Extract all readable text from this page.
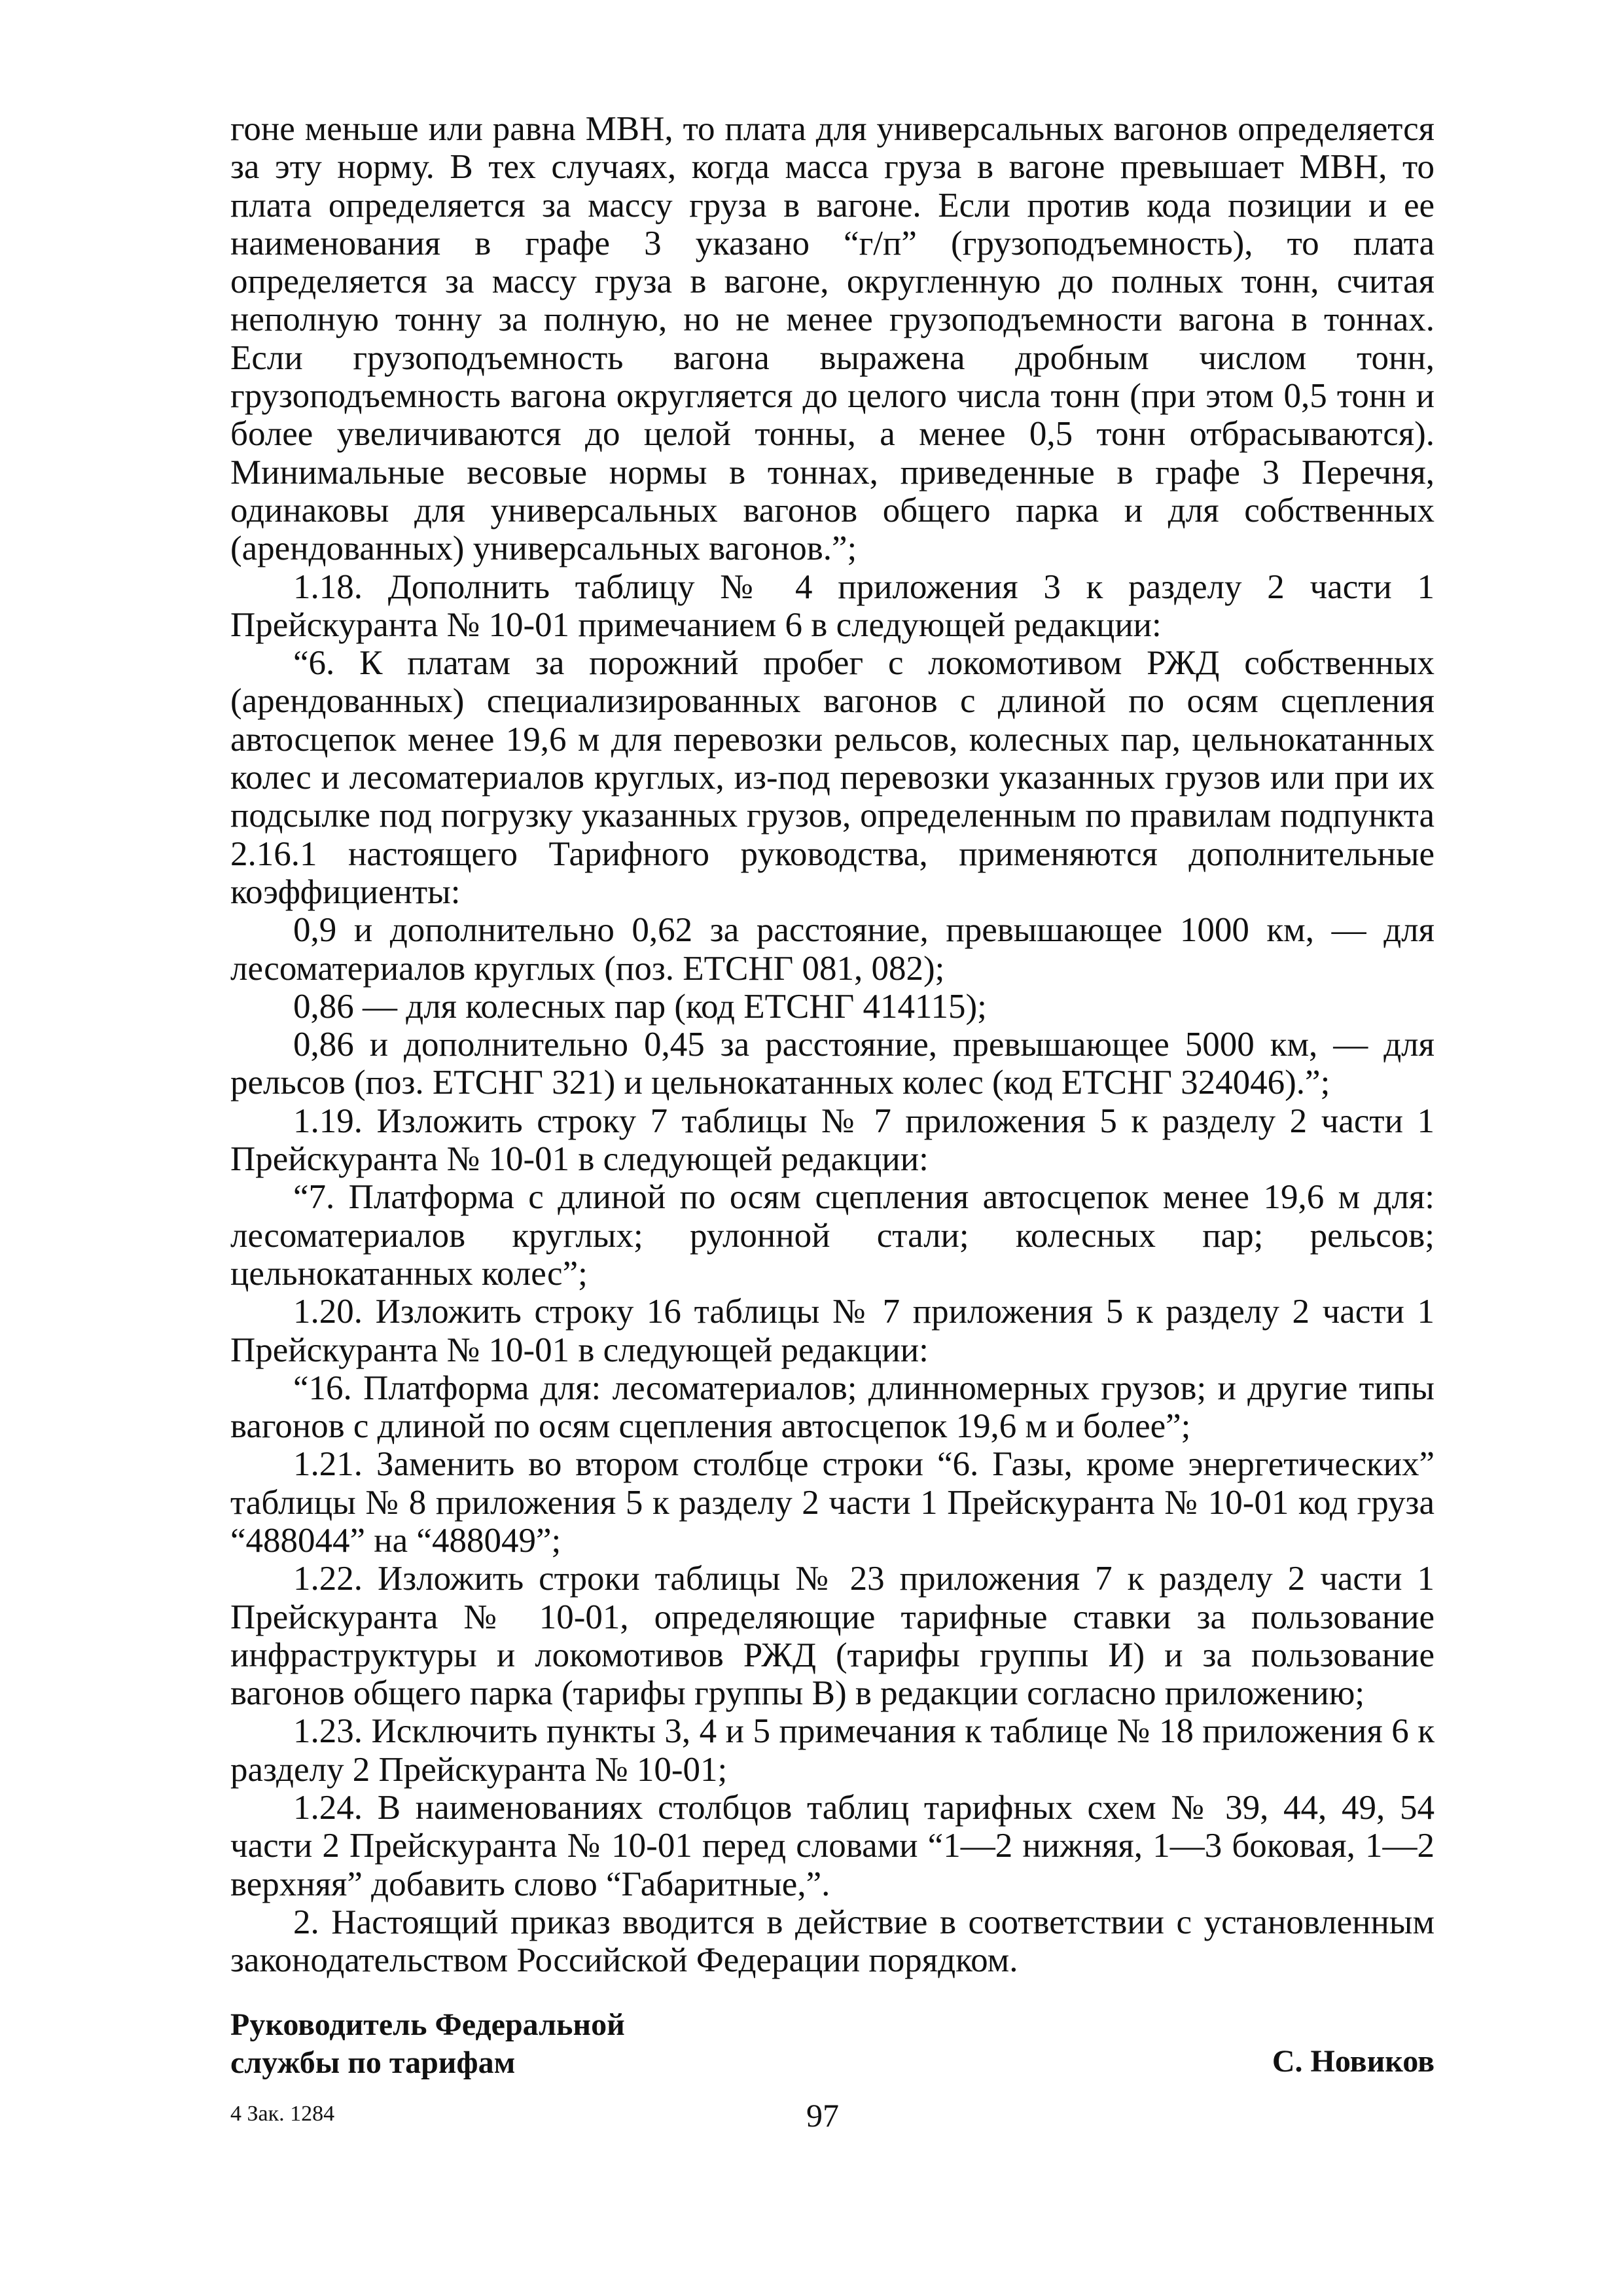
гоне меньше или равна МВН, то плата для универсальных вагонов определяется за эту норму. В тех случаях, когда масса груза в вагоне превышает МВН, то плата определяется за массу груза в вагоне. Если против кода позиции и ее наименования в графе 3 указано “г/п” (грузоподъемность), то плата определяется за массу груза в вагоне, округленную до полных тонн, считая неполную тонну за полную, но не менее грузоподъемности вагона в тоннах. Если грузоподъемность вагона выражена дробным числом тонн, грузоподъемность вагона округляется до целого числа тонн (при этом 0,5 тонн и более увеличиваются до целой тонны, а менее 0,5 тонн отбрасываются). Минимальные весовые нормы в тоннах, приведенные в графе 3 Перечня, одинаковы для универсальных вагонов общего парка и для собственных (арендованных) универсальных вагонов.”;

1.18. Дополнить таблицу № 4 приложения 3 к разделу 2 части 1 Прейскуранта № 10-01 примечанием 6 в следующей редакции:

“6. К платам за порожний пробег с локомотивом РЖД собственных (арендованных) специализированных вагонов с длиной по осям сцепления автосцепок менее 19,6 м для перевозки рельсов, колесных пар, цельнокатанных колес и лесоматериалов круглых, из-под перевозки указанных грузов или при их подсылке под погрузку указанных грузов, определенным по правилам подпункта 2.16.1 настоящего Тарифного руководства, применяются дополнительные коэффициенты:

0,9 и дополнительно 0,62 за расстояние, превышающее 1000 км, — для лесоматериалов круглых (поз. ЕТСНГ 081, 082);

0,86 — для колесных пар (код ЕТСНГ 414115);

0,86 и дополнительно 0,45 за расстояние, превышающее 5000 км, — для рельсов (поз. ЕТСНГ 321) и цельнокатанных колес (код ЕТСНГ 324046).”;

1.19. Изложить строку 7 таблицы № 7 приложения 5 к разделу 2 части 1 Прейскуранта № 10-01 в следующей редакции:

“7. Платформа с длиной по осям сцепления автосцепок менее 19,6 м для: лесоматериалов круглых; рулонной стали; колесных пар; рельсов; цельнокатанных колес”;

1.20. Изложить строку 16 таблицы № 7 приложения 5 к разделу 2 части 1 Прейскуранта № 10-01 в следующей редакции:

“16. Платформа для: лесоматериалов; длинномерных грузов; и другие типы вагонов с длиной по осям сцепления автосцепок 19,6 м и более”;

1.21. Заменить во втором столбце строки “6. Газы, кроме энергетических” таблицы № 8 приложения 5 к разделу 2 части 1 Прейскуранта № 10-01 код груза “488044” на “488049”;

1.22. Изложить строки таблицы № 23 приложения 7 к разделу 2 части 1 Прейскуранта № 10-01, определяющие тарифные ставки за пользование инфраструктуры и локомотивов РЖД (тарифы группы И) и за пользование вагонов общего парка (тарифы группы В) в редакции согласно приложению;

1.23. Исключить пункты 3, 4 и 5 примечания к таблице № 18 приложения 6 к разделу 2 Прейскуранта № 10-01;

1.24. В наименованиях столбцов таблиц тарифных схем № 39, 44, 49, 54 части 2 Прейскуранта № 10-01 перед словами “1—2 нижняя, 1—3 боковая, 1—2 верхняя” добавить слово “Габаритные,”.

2. Настоящий приказ вводится в действие в соответствии с установленным законодательством Российской Федерации порядком.

Руководитель Федеральной
службы по тарифам	С. Новиков
4 Зак. 1284	97
